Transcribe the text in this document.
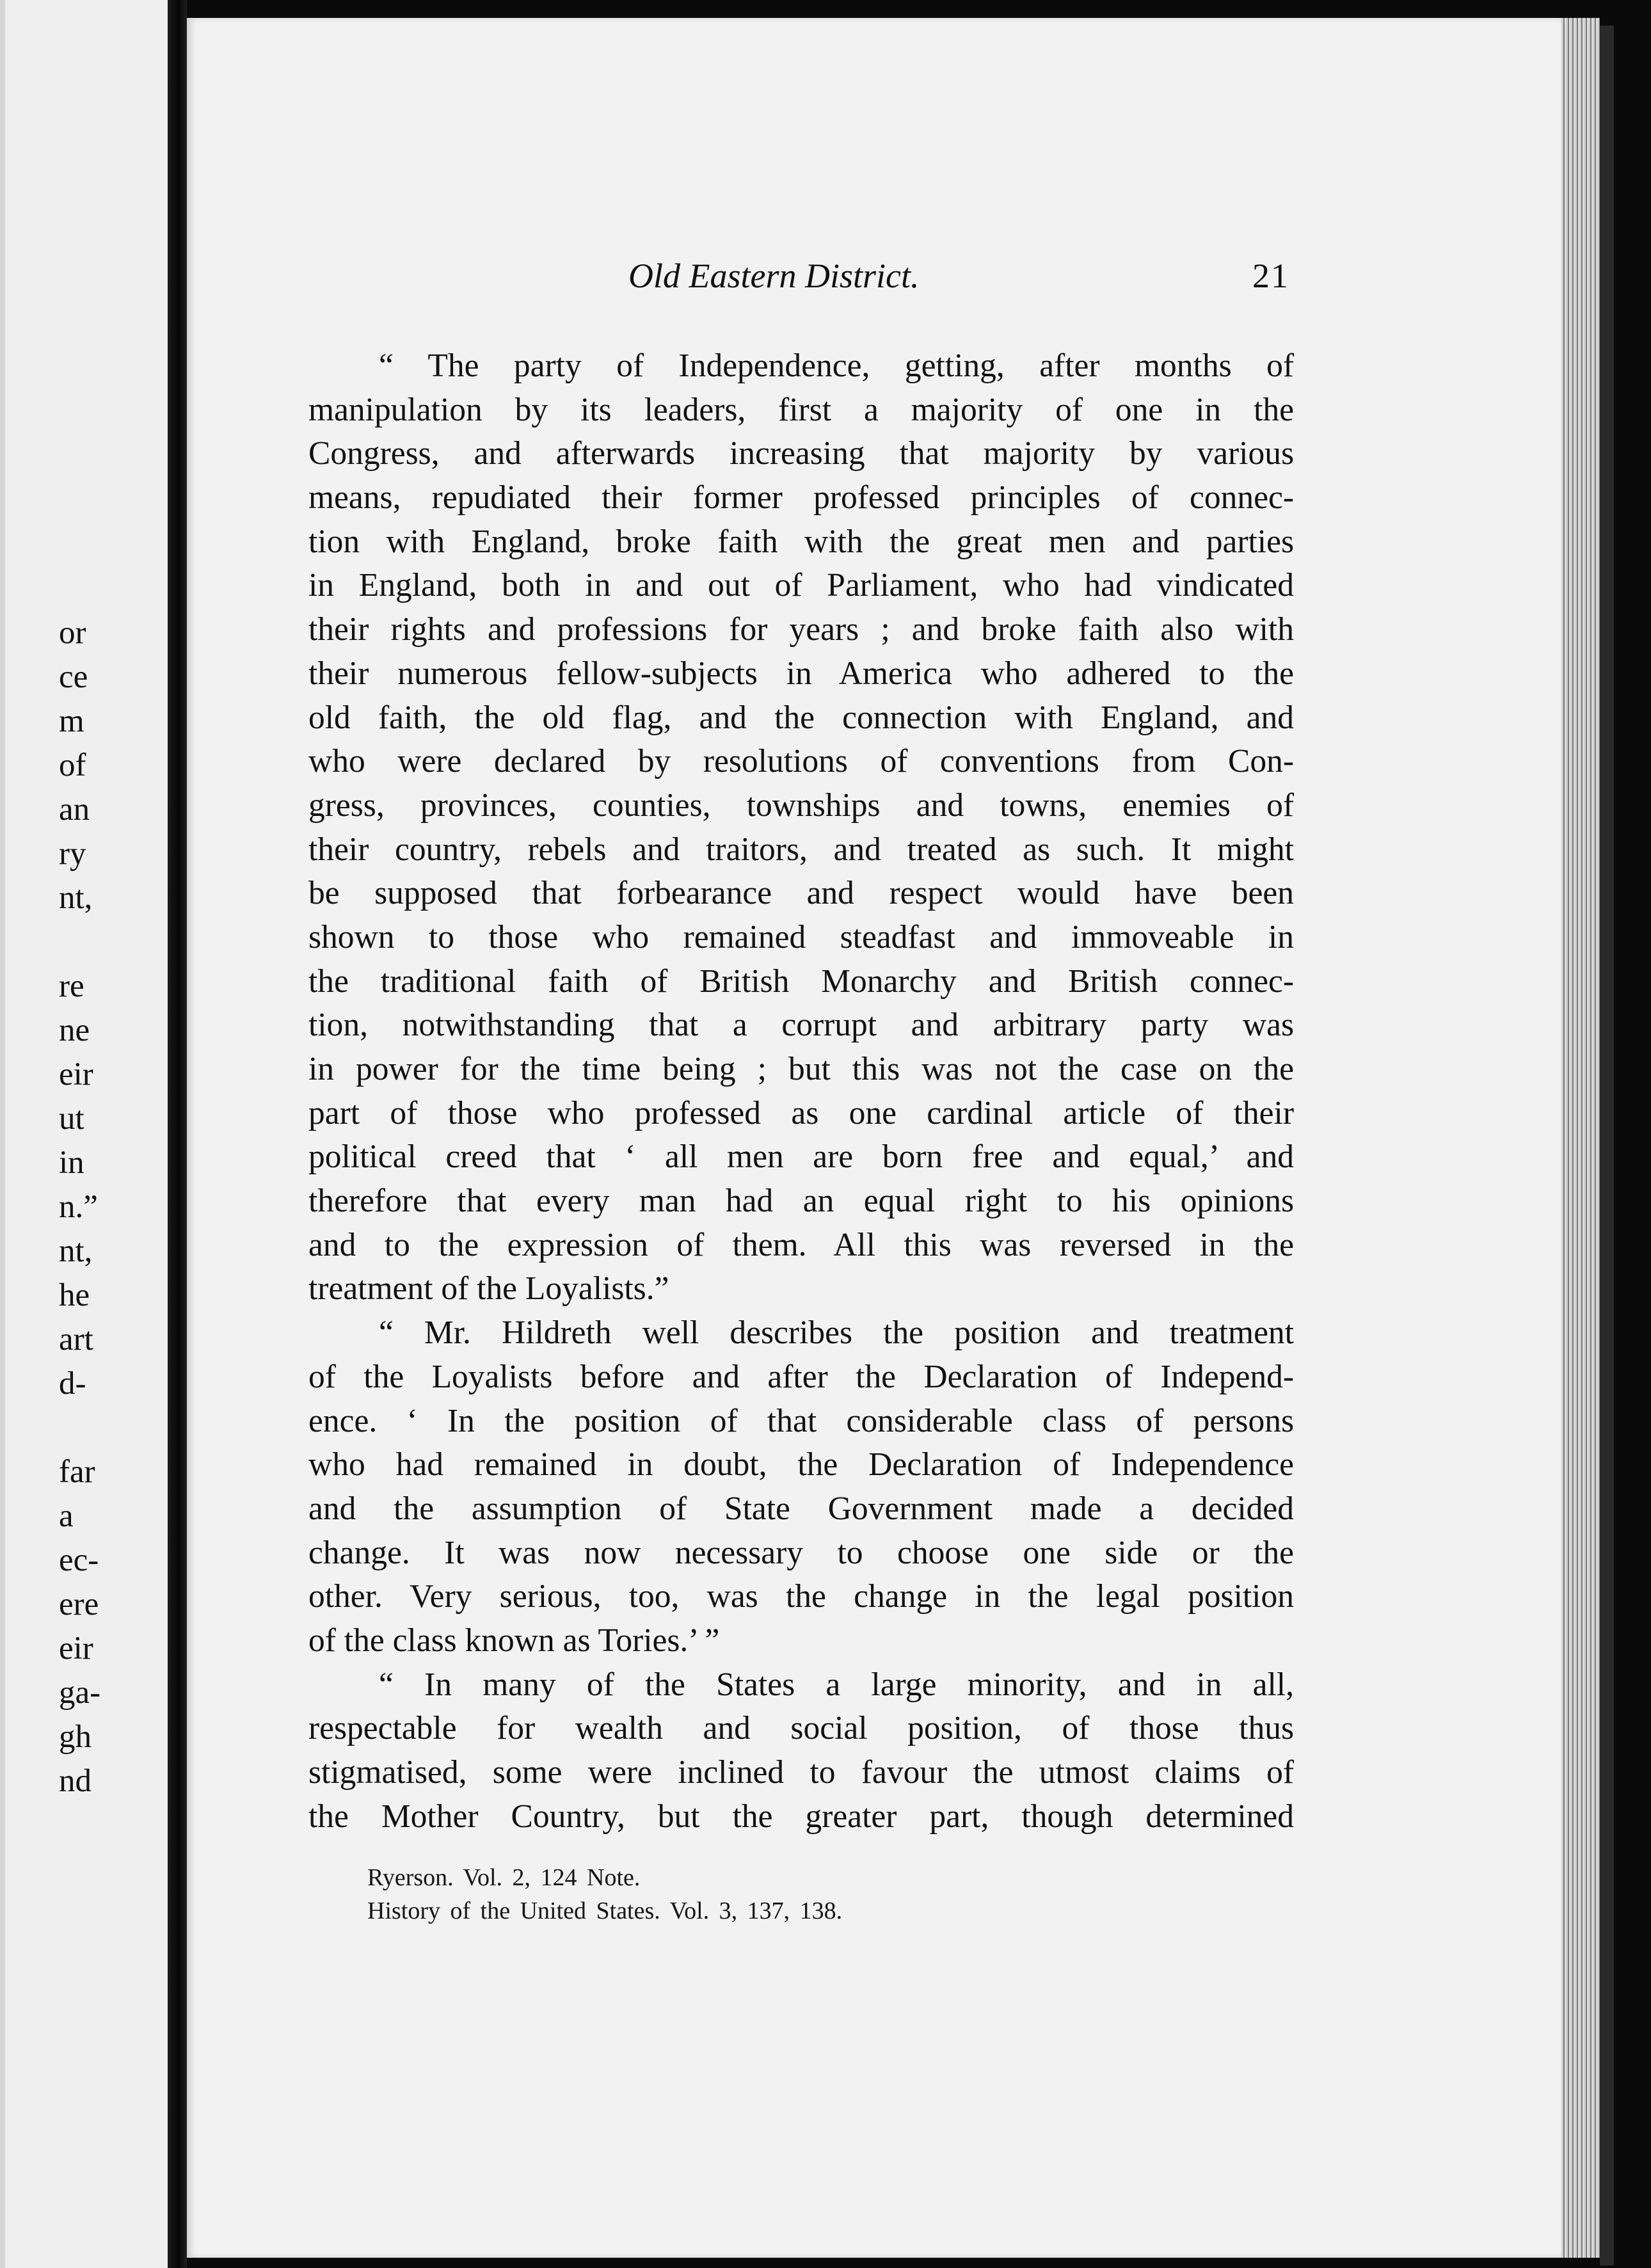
or
ce
m
of
an
ry
nt,
re
ne
eir
ut
in
n.”
nt,
he
art
d-
far
a
ec-
ere
eir
ga-
gh
nd
Old Eastern District.	21
“ The party of Independence, getting, after months of
manipulation by its leaders, first a majority of one in the
Congress, and afterwards increasing that majority by various
means, repudiated their former professed principles of connec-
tion with England, broke faith with the great men and parties
in England, both in and out of Parliament, who had vindicated
their rights and professions for years ; and broke faith also with
their numerous fellow-subjects in America who adhered to the
old faith, the old flag, and the connection with England, and
who were declared by resolutions of conventions from Con-
gress, provinces, counties, townships and towns, enemies of
their country, rebels and traitors, and treated as such. It might
be supposed that forbearance and respect would have been
shown to those who remained steadfast and immoveable in
the traditional faith of British Monarchy and British connec-
tion, notwithstanding that a corrupt and arbitrary party was
in power for the time being ; but this was not the case on the
part of those who professed as one cardinal article of their
political creed that ‘ all men are born free and equal,’ and
therefore that every man had an equal right to his opinions
and to the expression of them. All this was reversed in the
treatment of the Loyalists.”
“ Mr. Hildreth well describes the position and treatment
of the Loyalists before and after the Declaration of Independ-
ence. ‘ In the position of that considerable class of persons
who had remained in doubt, the Declaration of Independence
and the assumption of State Government made a decided
change. It was now necessary to choose one side or the
other. Very serious, too, was the change in the legal position
of the class known as Tories.’ ”
“ In many of the States a large minority, and in all,
respectable for wealth and social position, of those thus
stigmatised, some were inclined to favour the utmost claims of
the Mother Country, but the greater part, though determined
Ryerson. Vol. 2, 124 Note.
History of the United States. Vol. 3, 137, 138.
